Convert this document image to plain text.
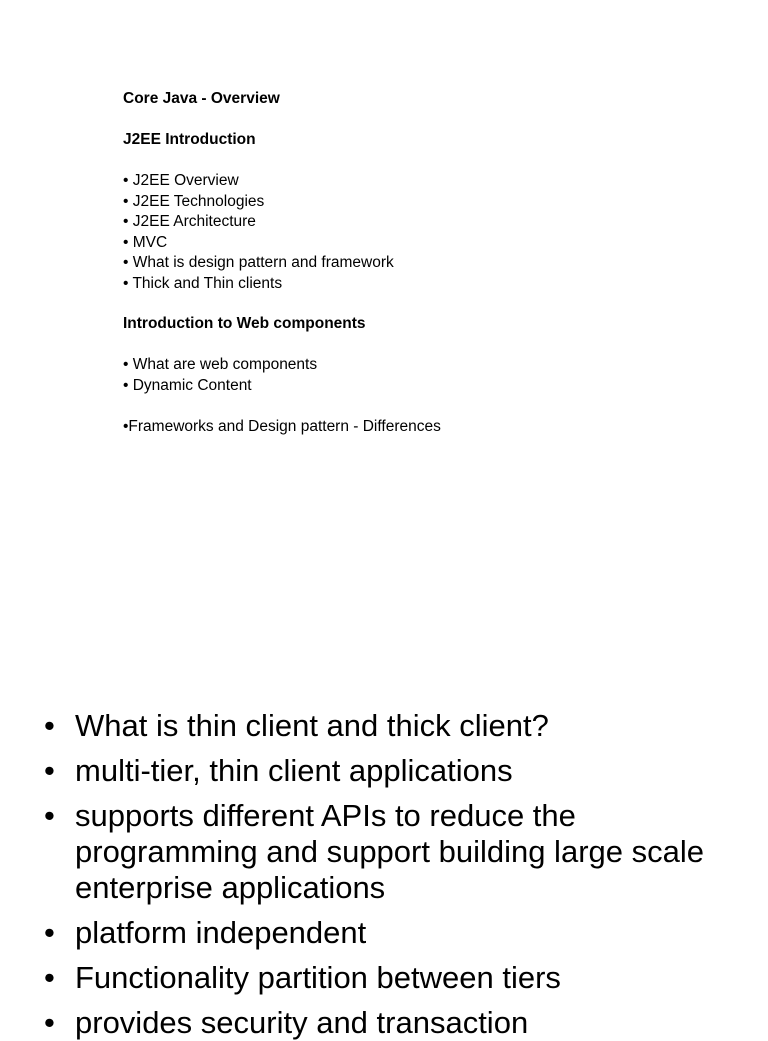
Core Java - Overview
J2EE Introduction
• J2EE Overview
• J2EE Technologies
• J2EE Architecture
• MVC
• What is design pattern and framework
• Thick and Thin clients
Introduction to Web components
• What are web components
• Dynamic Content
•Frameworks and Design pattern - Differences
• What is thin client and thick client?
• multi-tier, thin client applications
• supports different APIs to reduce the programming and support building large scale enterprise applications
• platform independent
• Functionality partition between tiers
• provides security and transaction
